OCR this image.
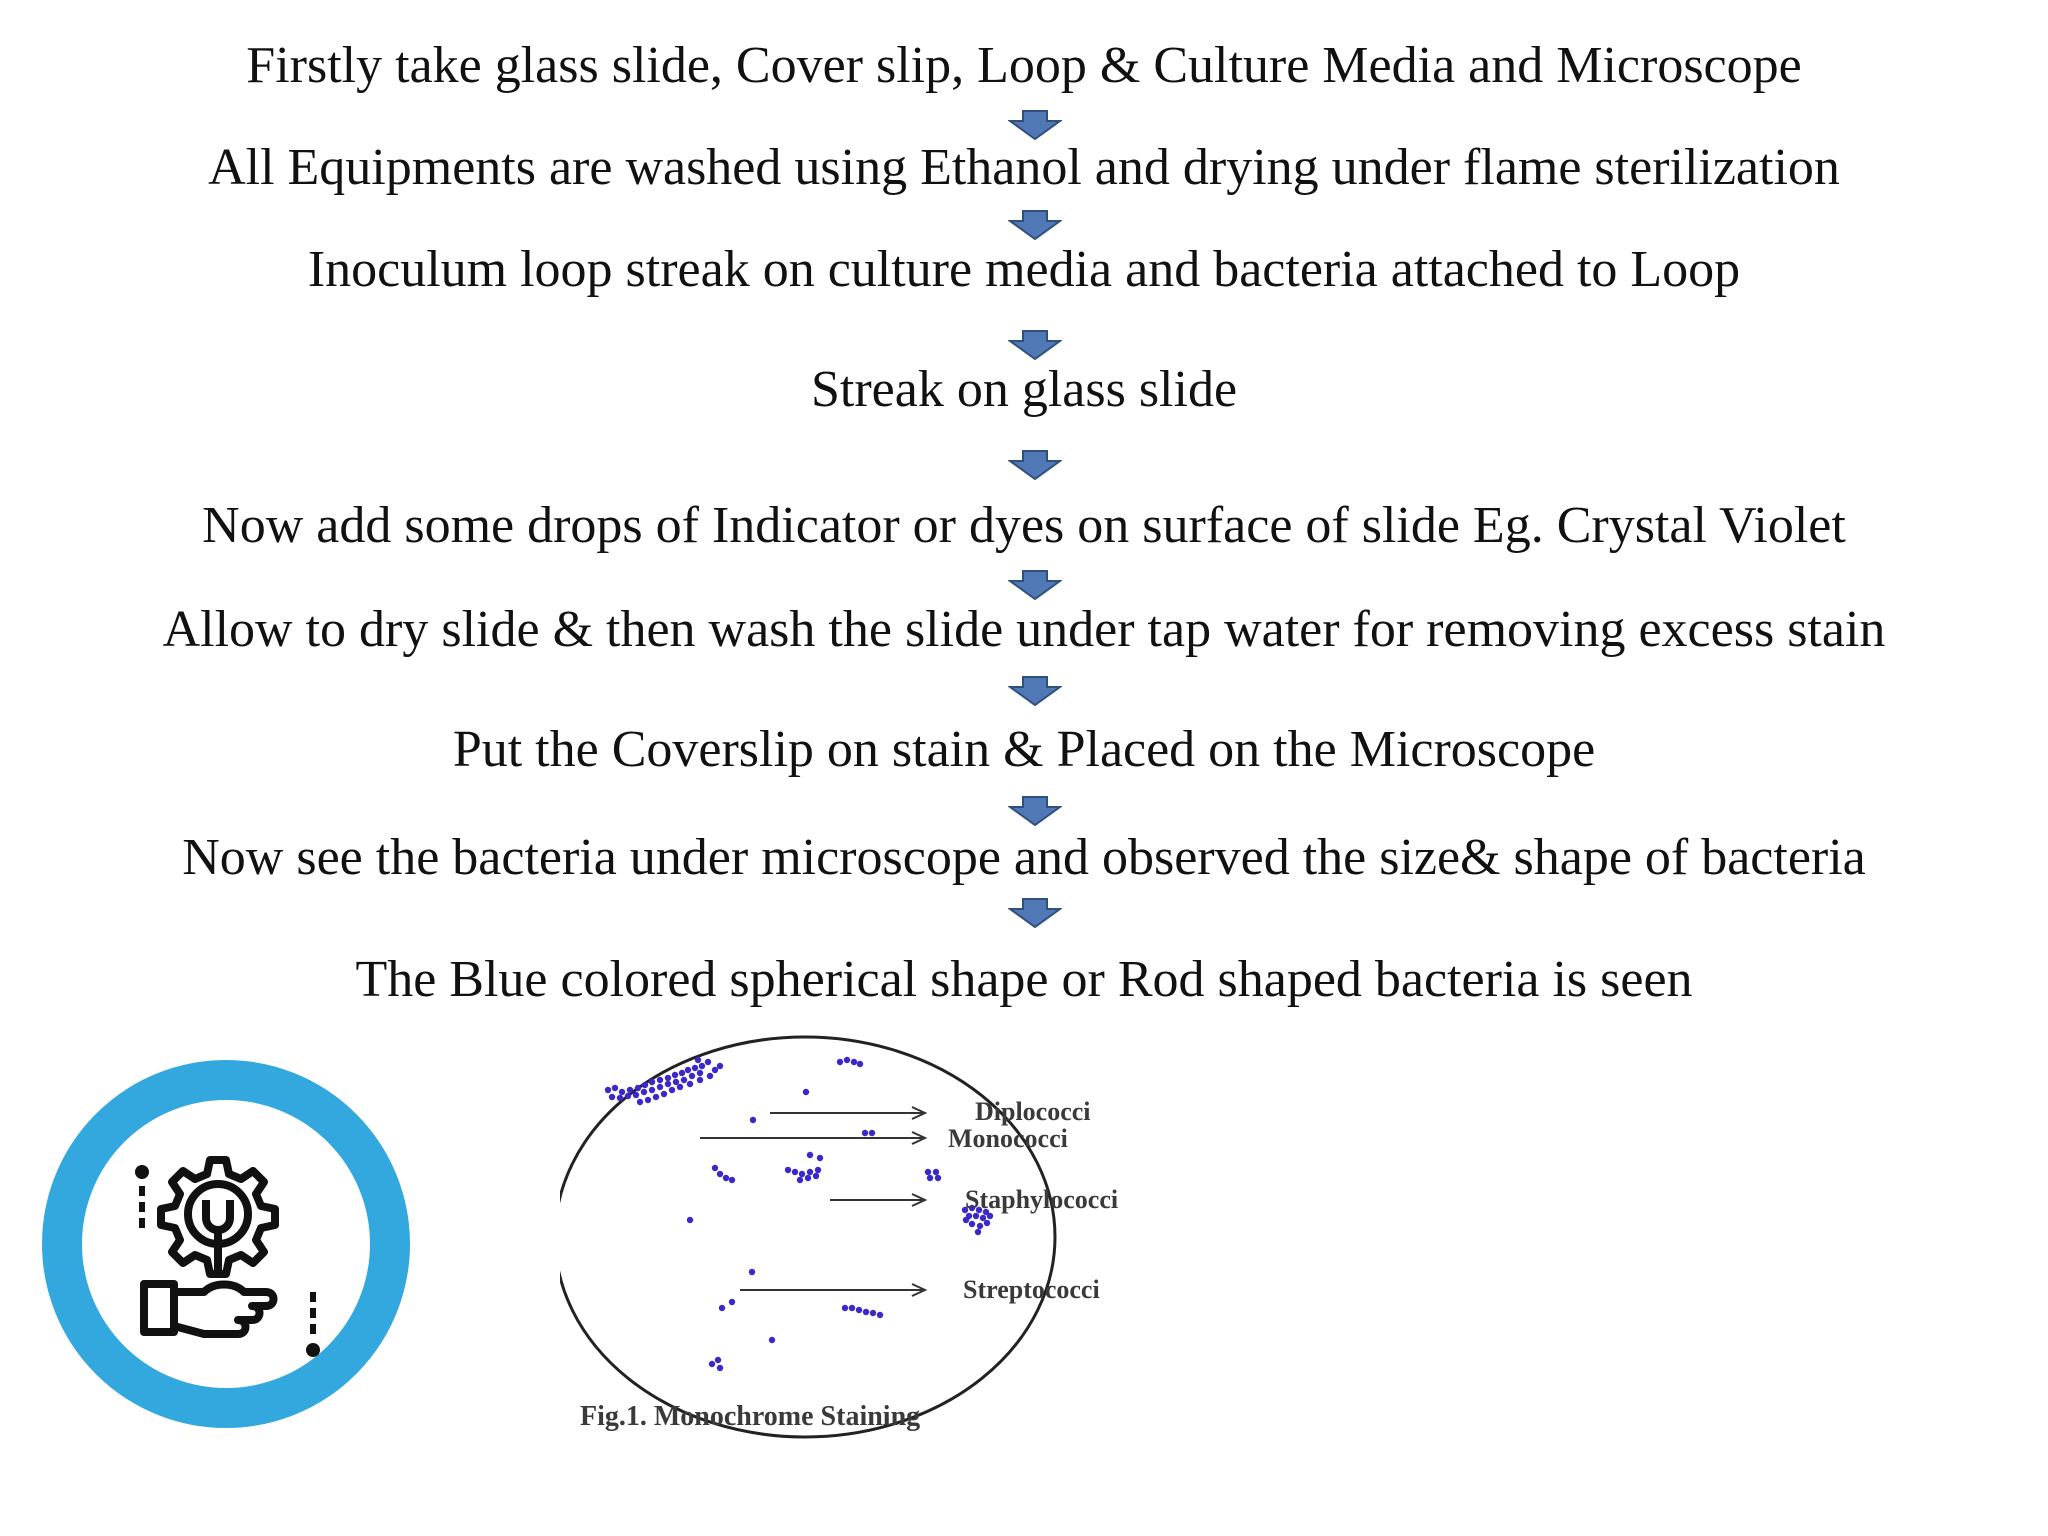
Firstly take glass slide, Cover slip, Loop & Culture Media and Microscope
All Equipments are washed using Ethanol and drying under flame sterilization
Inoculum loop streak on culture media and bacteria attached to Loop
Streak on glass slide
Now add some drops of Indicator or dyes on surface of slide Eg. Crystal Violet
Allow to dry slide & then wash the slide under tap water for removing excess stain
Put the Coverslip on stain & Placed on the Microscope
Now see the bacteria under microscope and observed the size& shape of bacteria
The Blue colored spherical shape or Rod shaped bacteria is seen
Diplococci
Monococci
Staphylococci
Streptococci
Fig.1. Monochrome Staining
